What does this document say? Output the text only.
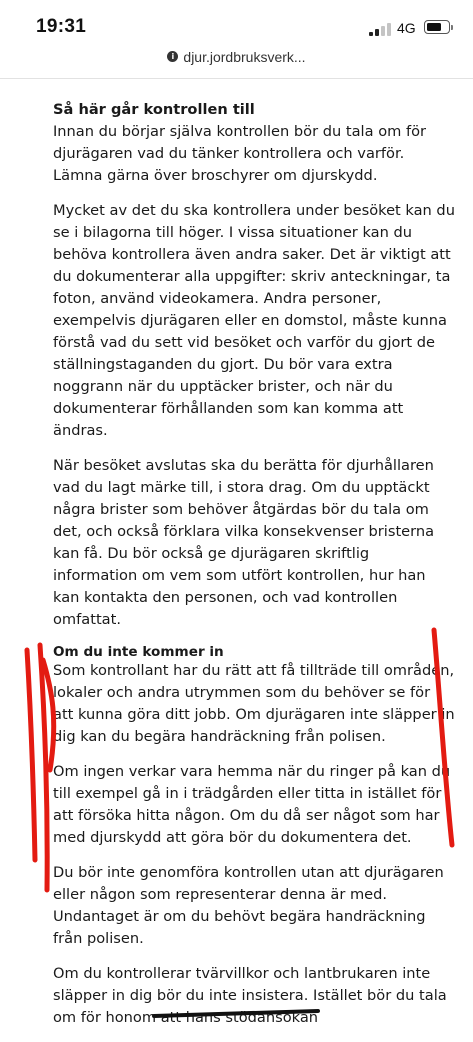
19:31	4G
i djur.jordbruksverk...
Så här går kontrollen till

Innan du börjar själva kontrollen bör du tala om för djurägaren vad du tänker kontrollera och varför. Lämna gärna över broschyrer om djurskydd.

Mycket av det du ska kontrollera under besöket kan du se i bilagorna till höger. I vissa situationer kan du behöva kontrollera även andra saker. Det är viktigt att du dokumenterar alla uppgifter: skriv anteckningar, ta foton, använd videokamera. Andra personer, exempelvis djurägaren eller en domstol, måste kunna förstå vad du sett vid besöket och varför du gjort de ställningstaganden du gjort. Du bör vara extra noggrann när du upptäcker brister, och när du dokumenterar förhållanden som kan komma att ändras.

När besöket avslutas ska du berätta för djurhållaren vad du lagt märke till, i stora drag. Om du upptäckt några brister som behöver åtgärdas bör du tala om det, och också förklara vilka konsekvenser bristerna kan få. Du bör också ge djurägaren skriftlig information om vem som utfört kontrollen, hur han kan kontakta den personen, och vad kontrollen omfattat.

Om du inte kommer in

Som kontrollant har du rätt att få tillträde till områden, lokaler och andra utrymmen som du behöver se för att kunna göra ditt jobb. Om djurägaren inte släpper in dig kan du begära handräckning från polisen.

Om ingen verkar vara hemma när du ringer på kan du till exempel gå in i trädgården eller titta in istället för att försöka hitta någon. Om du då ser något som har med djurskydd att göra bör du dokumentera det.

Du bör inte genomföra kontrollen utan att djurägaren eller någon som representerar denna är med. Undantaget är om du behövt begära handräckning från polisen.

Om du kontrollerar tvärvillkor och lantbrukaren inte släpper in dig bör du inte insistera. Istället bör du tala om för honom att hans stödansökan
